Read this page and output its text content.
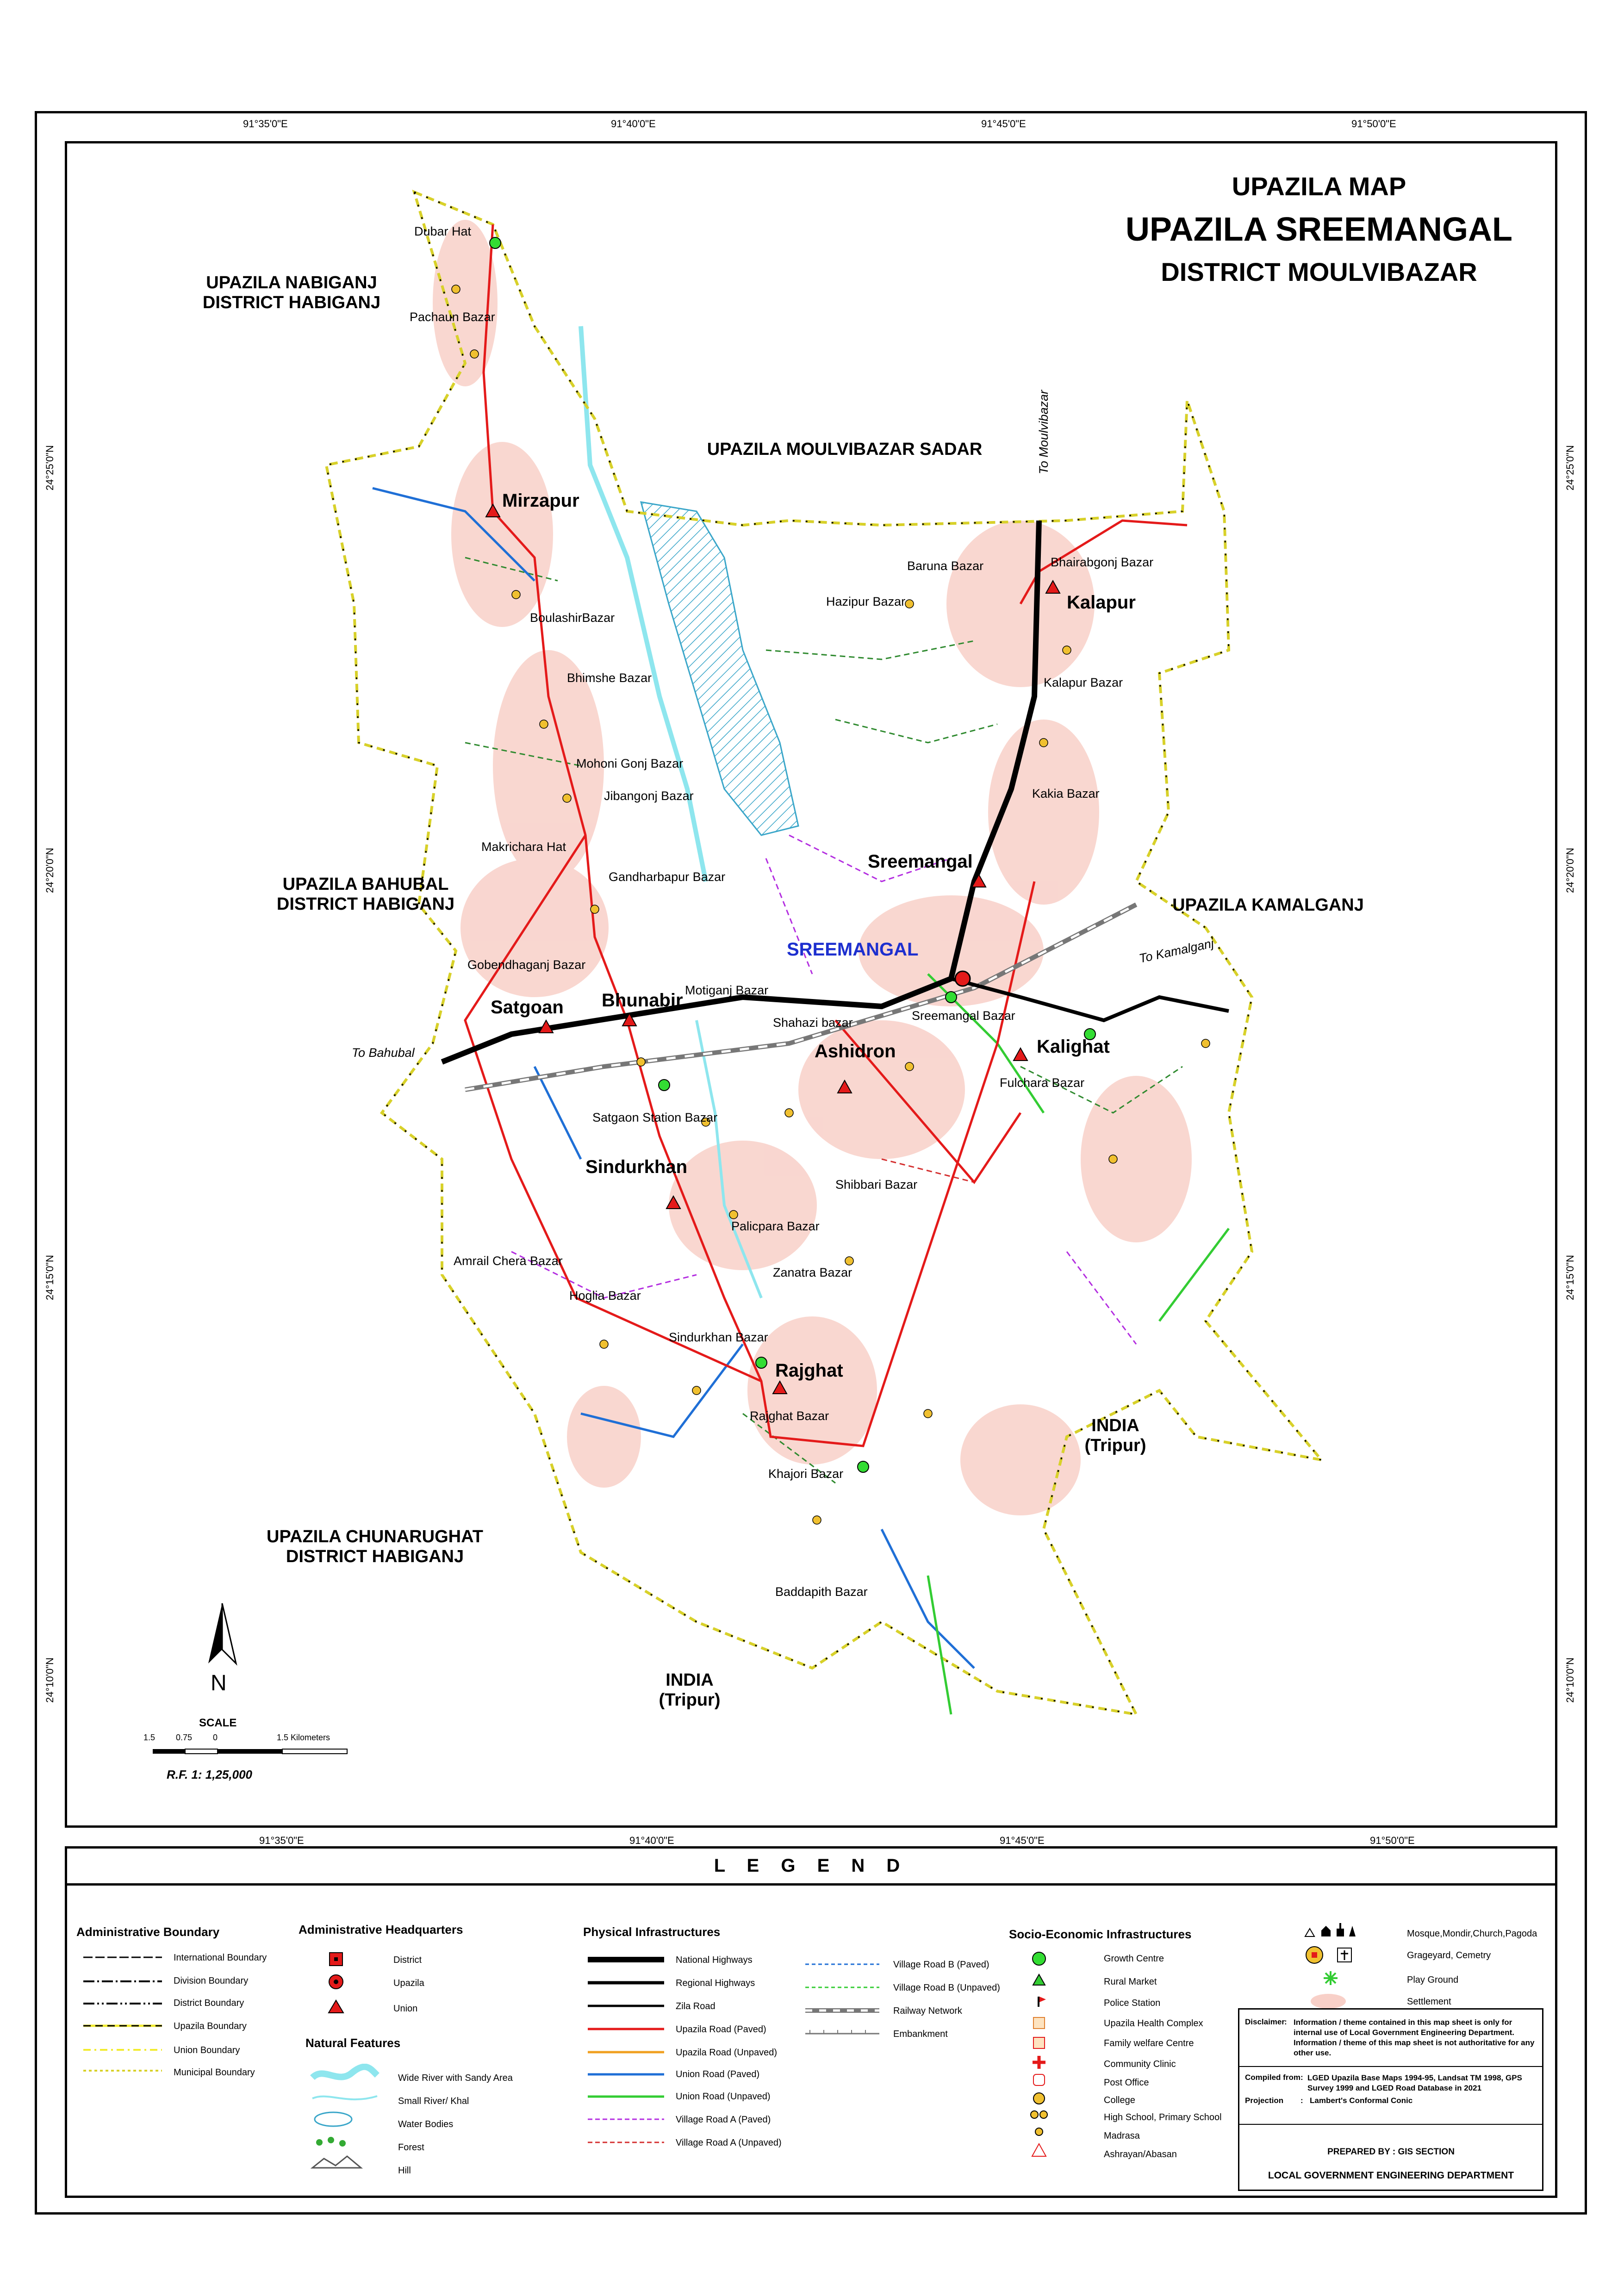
91°35'0"E	91°40'0"E	91°45'0"E	91°50'0"E
91°35'0"E	91°40'0"E	91°45'0"E	91°50'0"E
24°25'0"N
24°20'0"N
24°15'0"N
24°10'0"N
24°25'0"N
24°20'0"N
24°15'0"N
24°10'0"N
UPAZILA MAP
UPAZILA SREEMANGAL
DISTRICT MOULVIBAZAR
UPAZILA NABIGANJ
DISTRICT HABIGANJ
UPAZILA MOULVIBAZAR SADAR
UPAZILA BAHUBAL
DISTRICT HABIGANJ	UPAZILA KAMALGANJ
UPAZILA CHUNARUGHAT
DISTRICT HABIGANJ
INDIA
(Tripur)
INDIA
(Tripur)
To Moulvibazar
To Kamalganj
To Bahubal
Mirzapur
Kalapur
Sreemangal
Satgoan Bhunabir
Ashidron	Kalighat
Sindurkhan
Rajghat
SREEMANGAL
Dubar Hat
Pachaun Bazar
BoulashirBazar
Bhimshe Bazar
Mohoni Gonj Bazar
Jibangonj Bazar
Makrichara Hat
Gandharbapur Bazar
Gobendhaganj Bazar
Motiganj Bazar
Baruna Bazar	Bhairabgonj Bazar
Hazipur Bazar
Kalapur Bazar
Kakia Bazar
Shahazi bazar	Sreemangal Bazar
Fulchara Bazar
Satgaon Station Bazar
Shibbari Bazar
Palicpara Bazar
Zanatra Bazar
Amrail Chera Bazar
Hoglia Bazar
Sindurkhan Bazar
Rajghat Bazar
Khajori Bazar
Baddapith Bazar
N
SCALE
1.5 0.75 0	1.5 Kilometers
R.F. 1: 1,25,000
L E G E N D
Administrative Boundary
International Boundary
Division Boundary
District Boundary
Upazila Boundary
Union Boundary
Municipal Boundary
Administrative Headquarters
District
Upazila
Union
Natural Features
Wide River with Sandy Area
Small River/ Khal
Water Bodies
Forest
Hill
Physical Infrastructures
National Highways
Regional Highways
Zila Road
Upazila Road (Paved)
Upazila Road (Unpaved)
Union Road (Paved)
Union Road (Unpaved)
Village Road A (Paved)
Village Road A (Unpaved)
Village Road B (Paved)
Village Road B (Unpaved)
Railway Network
Embankment
Socio-Economic Infrastructures
Growth Centre
Rural Market
Police Station
Upazila Health Complex
Family welfare Centre
Community Clinic
Post Office
College
High School, Primary School
Madrasa
Ashrayan/Abasan
Mosque,Mondir,Church,Pagoda
Grageyard, Cemetry
Play Ground
Settlement
Disclaimer : Information / theme contained in this map sheet is only for internal use of Local Government Engineering Department. Information / theme of this map sheet is not authoritative for any other use.
Compiled from : LGED Upazila Base Maps 1994-95, Landsat TM 1998, GPS Survey 1999 and LGED Road Database in 2021
Projection : Lambert's Conformal Conic
PREPARED BY : GIS SECTION
LOCAL GOVERNMENT ENGINEERING DEPARTMENT
